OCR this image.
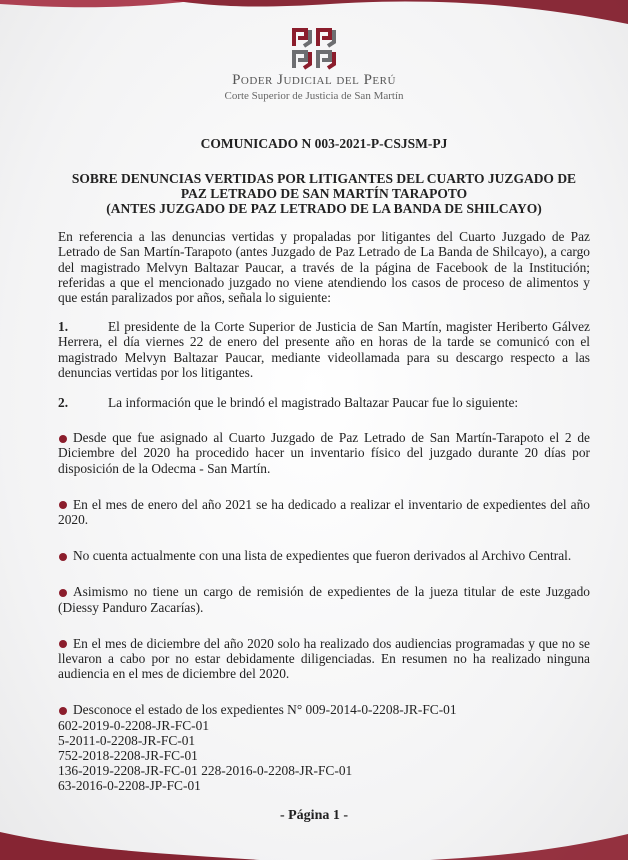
Poder Judicial del Perú
Corte Superior de Justicia de San Martín

COMUNICADO N 003-2021-P-CSJSM-PJ

SOBRE DENUNCIAS VERTIDAS POR LITIGANTES DEL CUARTO JUZGADO DE
PAZ LETRADO DE SAN MARTÍN TARAPOTO
(ANTES JUZGADO DE PAZ LETRADO DE LA BANDA DE SHILCAYO)

En referencia a las denuncias vertidas y propaladas por litigantes del Cuarto Juzgado de Paz Letrado de San Martín-Tarapoto (antes Juzgado de Paz Letrado de La Banda de Shilcayo), a cargo del magistrado Melvyn Baltazar Paucar, a través de la página de Facebook de la Institución; referidas a que el mencionado juzgado no viene atendiendo los casos de proceso de alimentos y que están paralizados por años, señala lo siguiente:

1.	El presidente de la Corte Superior de Justicia de San Martín, magister Heriberto Gálvez Herrera, el día viernes 22 de enero del presente año en horas de la tarde se comunicó con el magistrado Melvyn Baltazar Paucar, mediante videollamada para su descargo respecto a las denuncias vertidas por los litigantes.

2.	La información que le brindó el magistrado Baltazar Paucar fue lo siguiente:

Desde que fue asignado al Cuarto Juzgado de Paz Letrado de San Martín-Tarapoto el 2 de Diciembre del 2020 ha procedido hacer un inventario físico del juzgado durante 20 días por disposición de la Odecma - San Martín.

En el mes de enero del año 2021 se ha dedicado a realizar el inventario de expedientes del año 2020.

No cuenta actualmente con una lista de expedientes que fueron derivados al Archivo Central.

Asimismo no tiene un cargo de remisión de expedientes de la jueza titular de este Juzgado (Diessy Panduro Zacarías).

En el mes de diciembre del año 2020 solo ha realizado dos audiencias programadas y que no se llevaron a cabo por no estar debidamente diligenciadas. En resumen no ha realizado ninguna audiencia en el mes de diciembre del 2020.

Desconoce el estado de los expedientes N° 009-2014-0-2208-JR-FC-01
602-2019-0-2208-JR-FC-01
5-2011-0-2208-JR-FC-01
752-2018-2208-JR-FC-01
136-2019-2208-JR-FC-01 228-2016-0-2208-JR-FC-01
63-2016-0-2208-JP-FC-01

- Página 1 -
